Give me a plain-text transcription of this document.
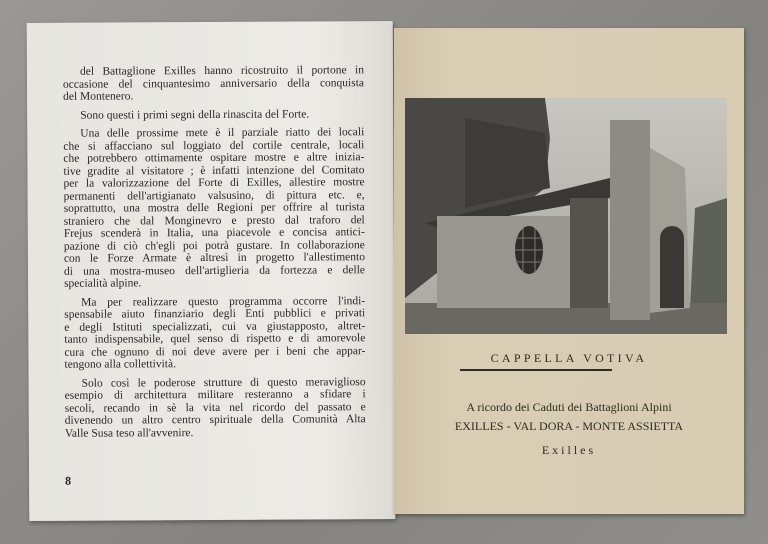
del Battaglione Exilles hanno ricostruito il portone in
occasione del cinquantesimo anniversario della conquista
del Montenero.
Sono questi i primi segni della rinascita del Forte.
Una delle prossime mete è il parziale riatto dei locali
che si affacciano sul loggiato del cortile centrale, locali
che potrebbero ottimamente ospitare mostre e altre inizia-
tive gradite al visitatore ; è infatti intenzione del Comitato
per la valorizzazione del Forte di Exilles, allestire mostre
permanenti dell'artigianato valsusino, di pittura etc. e,
soprattutto, una mostra delle Regioni per offrire al turista
straniero che dal Monginevro e presto dal traforo del
Frejus scenderà in Italia, una piacevole e concisa antici-
pazione di ciò ch'egli poi potrà gustare. In collaborazione
con le Forze Armate è altresì in progetto l'allestimento
di una mostra-museo dell'artiglieria da fortezza e delle
specialità alpine.
Ma per realizzare questo programma occorre l'indi-
spensabile aiuto finanziario degli Enti pubblici e privati
e degli Istituti specializzati, cui va giustapposto, altret-
tanto indispensabile, quel senso di rispetto e di amorevole
cura che ognuno di noi deve avere per i beni che appar-
tengono alla collettività.
Solo così le poderose strutture di questo meraviglioso
esempio di architettura militare resteranno a sfidare i
secoli, recando in sè la vita nel ricordo del passato e
divenendo un altro centro spirituale della Comunità Alta
Valle Susa teso all'avvenire.
8
CAPPELLA VOTIVA
A ricordo dei Caduti dei Battaglioni Alpini
EXILLES - VAL DORA - MONTE ASSIETTA
Exilles
